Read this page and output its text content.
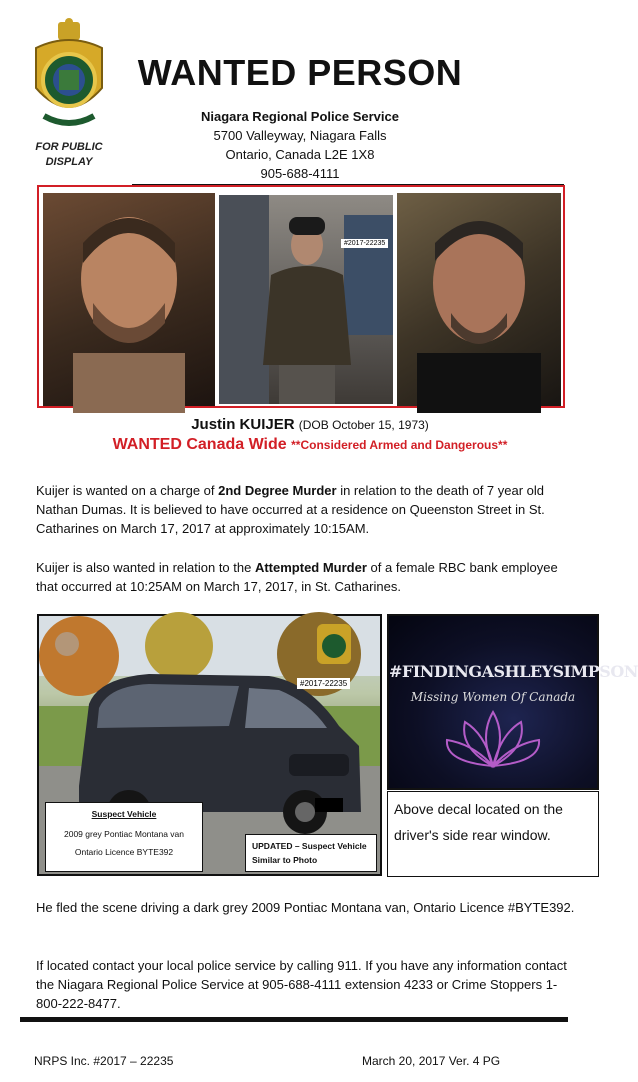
FOR PUBLIC DISPLAY
WANTED PERSON
Niagara Regional Police Service
5700 Valleyway, Niagara Falls
Ontario, Canada L2E 1X8
905-688-4111
#2017-22235
Justin KUIJER (DOB October 15, 1973)
WANTED Canada Wide **Considered Armed and Dangerous**
Kuijer is wanted on a charge of 2nd Degree Murder in relation to the death of 7 year old Nathan Dumas. It is believed to have occurred at a residence on Queenston Street in St. Catharines on March 17, 2017 at approximately 10:15AM.
Kuijer is also wanted in relation to the Attempted Murder of a female RBC bank employee that occurred at 10:25AM on March 17, 2017, in St. Catharines.
#2017-22235
Suspect Vehicle
2009 grey Pontiac Montana van
Ontario Licence BYTE392
UPDATED – Suspect Vehicle Similar to Photo
#FINDINGASHLEYSIMPSON
Missing Women Of Canada
Above decal located on the driver's side rear window.
He fled the scene driving a dark grey 2009 Pontiac Montana van, Ontario Licence #BYTE392.
If located contact your local police service by calling 911. If you have any information contact the Niagara Regional Police Service at 905-688-4111 extension 4233 or Crime Stoppers 1-800-222-8477.
NRPS Inc. #2017 – 22235	March 20, 2017 Ver. 4 PG
